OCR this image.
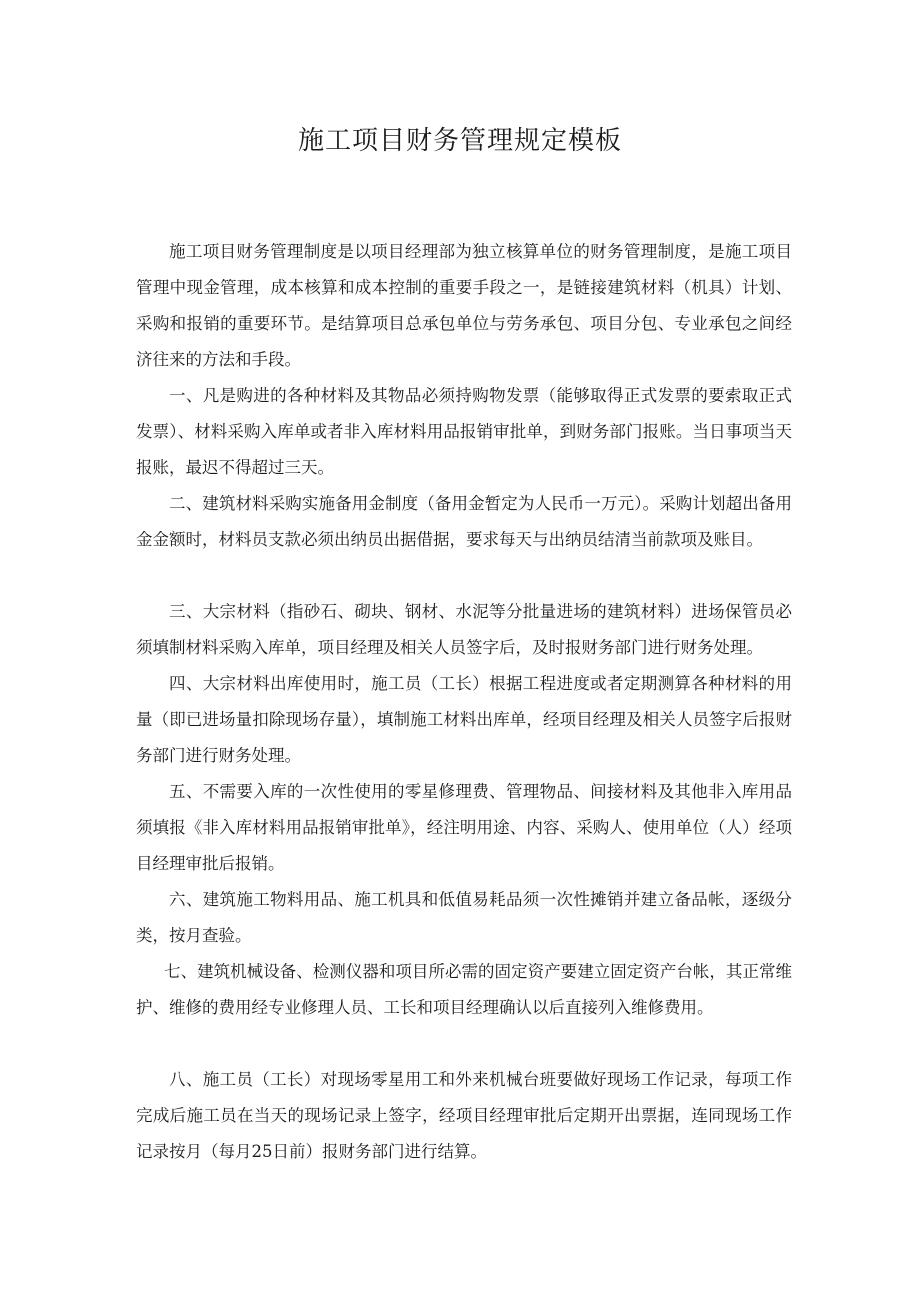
施工项目财务管理规定模板

施工项目财务管理制度是以项目经理部为独立核算单位的财务管理制度，是施工项目管理中现金管理，成本核算和成本控制的重要手段之一，是链接建筑材料（机具）计划、采购和报销的重要环节。是结算项目总承包单位与劳务承包、项目分包、专业承包之间经济往来的方法和手段。

一、凡是购进的各种材料及其物品必须持购物发票（能够取得正式发票的要索取正式发票）、材料采购入库单或者非入库材料用品报销审批单，到财务部门报账。当日事项当天报账，最迟不得超过三天。

二、建筑材料采购实施备用金制度（备用金暂定为人民币一万元）。采购计划超出备用金金额时，材料员支款必须出纳员出据借据，要求每天与出纳员结清当前款项及账目。

三、大宗材料（指砂石、砌块、钢材、水泥等分批量进场的建筑材料）进场保管员必须填制材料采购入库单，项目经理及相关人员签字后，及时报财务部门进行财务处理。

四、大宗材料出库使用时，施工员（工长）根据工程进度或者定期测算各种材料的用量（即已进场量扣除现场存量），填制施工材料出库单，经项目经理及相关人员签字后报财务部门进行财务处理。

五、不需要入库的一次性使用的零星修理费、管理物品、间接材料及其他非入库用品须填报《非入库材料用品报销审批单》，经注明用途、内容、采购人、使用单位（人）经项目经理审批后报销。

六、建筑施工物料用品、施工机具和低值易耗品须一次性摊销并建立备品帐，逐级分类，按月查验。

七、建筑机械设备、检测仪器和项目所必需的固定资产要建立固定资产台帐，其正常维护、维修的费用经专业修理人员、工长和项目经理确认以后直接列入维修费用。

八、施工员（工长）对现场零星用工和外来机械台班要做好现场工作记录，每项工作完成后施工员在当天的现场记录上签字，经项目经理审批后定期开出票据，连同现场工作记录按月（每月25日前）报财务部门进行结算。
